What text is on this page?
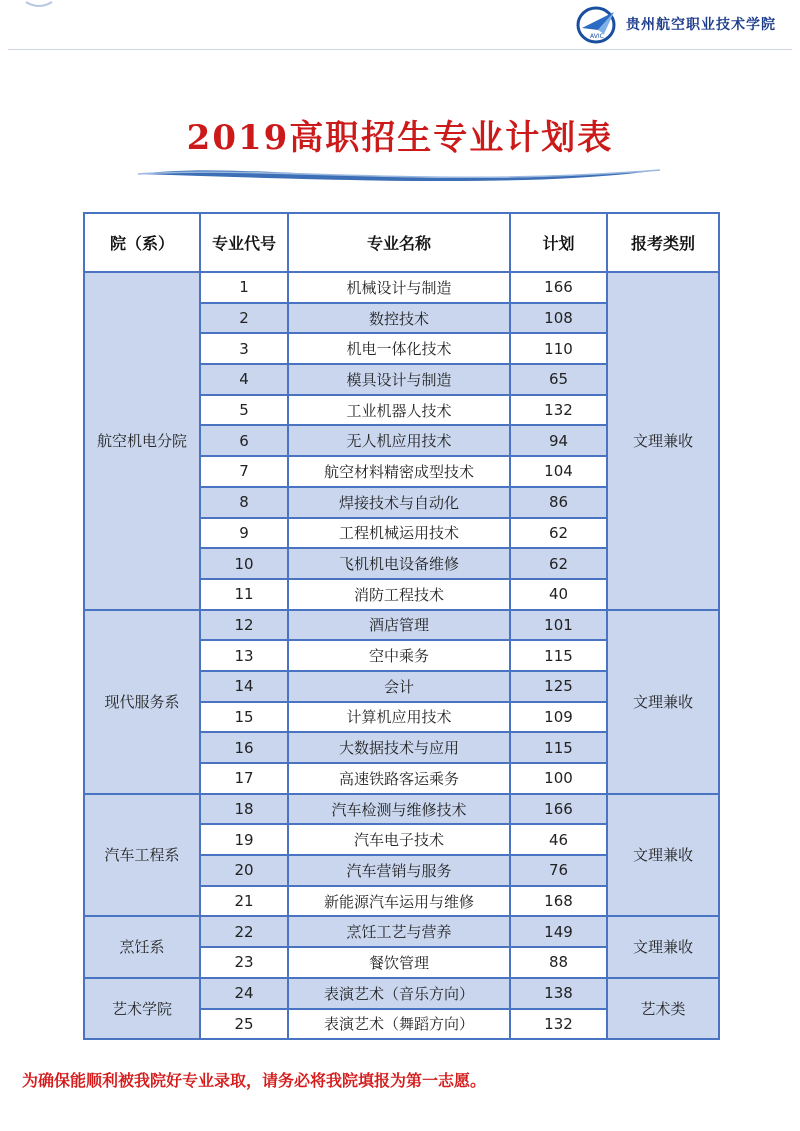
AVIC
贵州航空职业技术学院
2019高职招生专业计划表
院（系）	专业代号	专业名称	计划	报考类别
航空机电分院	1	机械设计与制造	166	文理兼收
	2	数控技术	108	
	3	机电一体化技术	110	
	4	模具设计与制造	65	
	5	工业机器人技术	132	
	6	无人机应用技术	94	
	7	航空材料精密成型技术	104	
	8	焊接技术与自动化	86	
	9	工程机械运用技术	62	
	10	飞机机电设备维修	62	
	11	消防工程技术	40	
现代服务系	12	酒店管理	101	文理兼收
	13	空中乘务	115	
	14	会计	125	
	15	计算机应用技术	109	
	16	大数据技术与应用	115	
	17	高速铁路客运乘务	100	
汽车工程系	18	汽车检测与维修技术	166	文理兼收
	19	汽车电子技术	46	
	20	汽车营销与服务	76	
	21	新能源汽车运用与维修	168	
烹饪系	22	烹饪工艺与营养	149	文理兼收
	23	餐饮管理	88	
艺术学院	24	表演艺术（音乐方向）	138	艺术类
	25	表演艺术（舞蹈方向）	132	
为确保能顺利被我院好专业录取，请务必将我院填报为第一志愿。
